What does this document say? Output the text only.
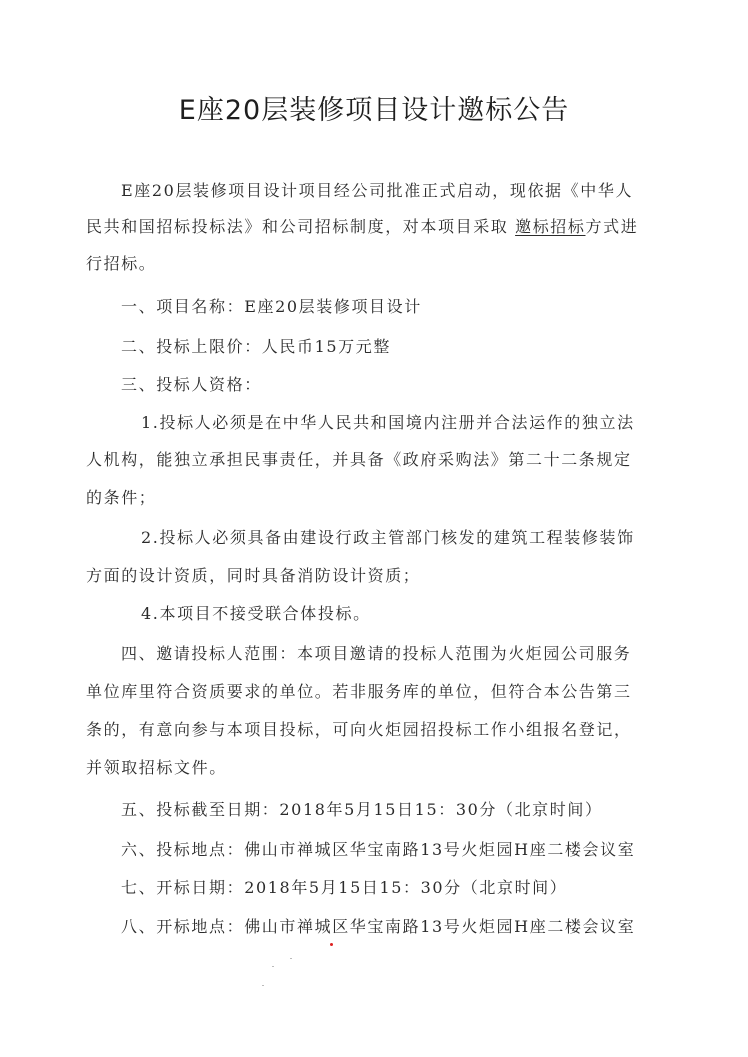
E座20层装修项目设计邀标公告
E座20层装修项目设计项目经公司批准正式启动，现依据《中华人
民共和国招标投标法》和公司招标制度，对本项目采取 邀标招标方式进
行招标。
一、项目名称：E座20层装修项目设计
二、投标上限价：人民币15万元整
三、投标人资格：
1.投标人必须是在中华人民共和国境内注册并合法运作的独立法
人机构，能独立承担民事责任，并具备《政府采购法》第二十二条规定
的条件；
2.投标人必须具备由建设行政主管部门核发的建筑工程装修装饰
方面的设计资质，同时具备消防设计资质；
4.本项目不接受联合体投标。
四、邀请投标人范围：本项目邀请的投标人范围为火炬园公司服务
单位库里符合资质要求的单位。若非服务库的单位，但符合本公告第三
条的，有意向参与本项目投标，可向火炬园招投标工作小组报名登记，
并领取招标文件。
五、投标截至日期：2018年5月15日15：30分（北京时间）
六、投标地点：佛山市禅城区华宝南路13号火炬园H座二楼会议室
七、开标日期：2018年5月15日15：30分（北京时间）
八、开标地点：佛山市禅城区华宝南路13号火炬园H座二楼会议室
